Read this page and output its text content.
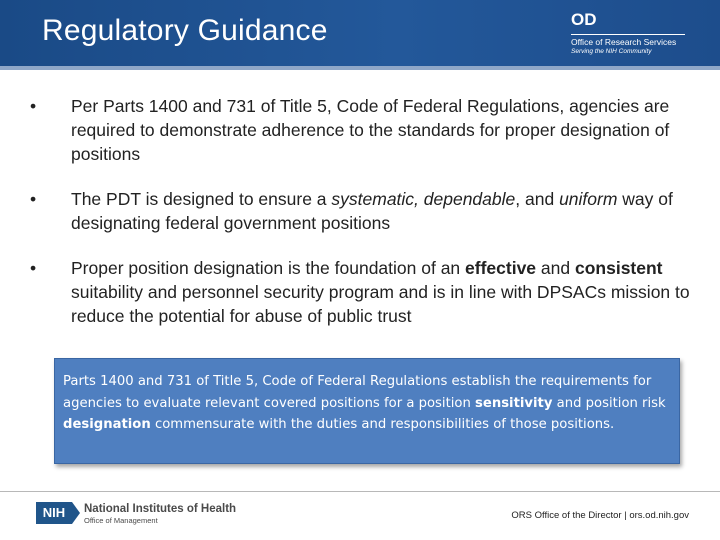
Regulatory Guidance	OD
Office of Research Services
Serving the NIH Community
• Per Parts 1400 and 731 of Title 5, Code of Federal Regulations, agencies are required to demonstrate adherence to the standards for proper designation of positions
• The PDT is designed to ensure a systematic, dependable, and uniform way of designating federal government positions
• Proper position designation is the foundation of an effective and consistent suitability and personnel security program and is in line with DPSACs mission to reduce the potential for abuse of public trust
Parts 1400 and 731 of Title 5, Code of Federal Regulations establish the requirements for agencies to evaluate relevant covered positions for a position sensitivity and position risk designation commensurate with the duties and responsibilities of those positions.
NIH	National Institutes of Health
Office of Management	ORS Office of the Director | ors.od.nih.gov
